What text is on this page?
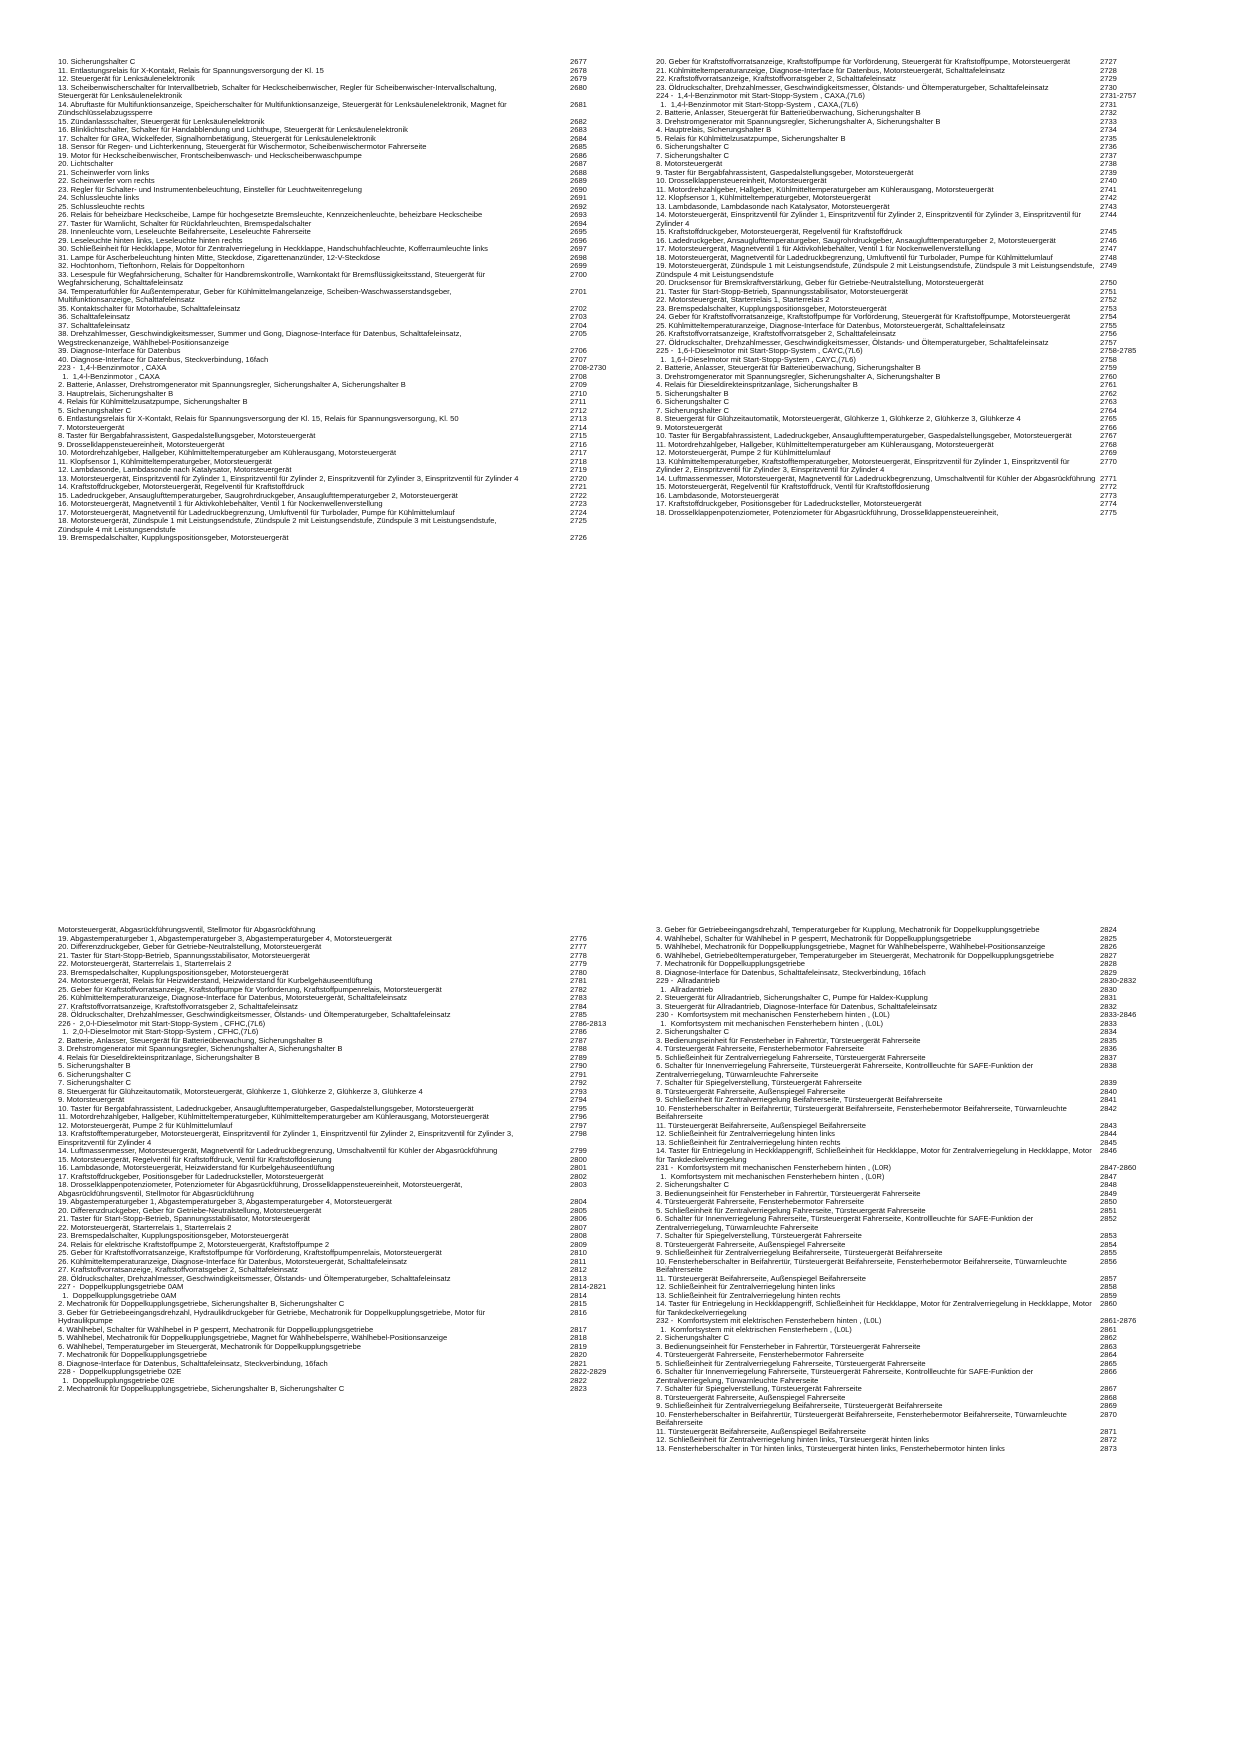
10. Sicherungshalter C	2677
11. Entlastungsrelais für X-Kontakt, Relais für Spannungsversorgung der Kl. 15	2678
12. Steuergerät für Lenksäulenelektronik	2679
13. Scheibenwischerschalter für Intervallbetrieb, Schalter für Heckscheibenwischer, Regler für Scheibenwischer-Intervallschaltung, Steuergerät für Lenksäulenelektronik
2680
14. Abruftaste für Multifunktionsanzeige, Speicherschalter für Multifunktionsanzeige, Steuergerät für Lenksäulenelektronik, Magnet für Zündschlüsselabzugssperre
2681
15. Zündanlassschalter, Steuergerät für Lenksäulenelektronik	2682
16. Blinklichtschalter, Schalter für Handabblendung und Lichthupe, Steuergerät für Lenksäulenelektronik	2683
17. Schalter für GRA, Wickelfeder, Signalhornbetätigung, Steuergerät für Lenksäulenelektronik	2684
18. Sensor für Regen- und Lichterkennung, Steuergerät für Wischermotor, Scheibenwischermotor Fahrerseite	2685
19. Motor für Heckscheibenwischer, Frontscheibenwasch- und Heckscheibenwaschpumpe	2686
20. Lichtschalter	2687
21. Scheinwerfer vorn links	2688
22. Scheinwerfer vorn rechts	2689
23. Regler für Schalter- und Instrumentenbeleuchtung, Einsteller für Leuchtweitenregelung	2690
24. Schlussleuchte links	2691
25. Schlussleuchte rechts	2692
26. Relais für beheizbare Heckscheibe, Lampe für hochgesetzte Bremsleuchte, Kennzeichenleuchte, beheizbare Heckscheibe	2693
27. Taster für Warnlicht, Schalter für Rückfahrleuchten, Bremspedalschalter	2694
28. Innenleuchte vorn, Leseleuchte Beifahrerseite, Leseleuchte Fahrerseite	2695
29. Leseleuchte hinten links, Leseleuchte hinten rechts	2696
30. Schließeinheit für Heckklappe, Motor für Zentralverriegelung in Heckklappe, Handschuhfachleuchte, Kofferraumleuchte links	2697
31. Lampe für Ascherbeleuchtung hinten Mitte, Steckdose, Zigarettenanzünder, 12-V-Steckdose	2698
32. Hochtonhorn, Tieftonhorn, Relais für Doppeltonhorn	2699
33. Lesespule für Wegfahrsicherung, Schalter für Handbremskontrolle, Warnkontakt für Bremsflüssigkeitsstand, Steuergerät für Wegfahrsicherung, Schalttafeleinsatz
2700
34. Temperaturfühler für Außentemperatur, Geber für Kühlmittelmangelanzeige, Scheiben-Waschwasserstandsgeber, Multifunktionsanzeige, Schalttafeleinsatz
2701
35. Kontaktschalter für Motorhaube, Schalttafeleinsatz	2702
36. Schalttafeleinsatz	2703
37. Schalttafeleinsatz	2704
38. Drehzahlmesser, Geschwindigkeitsmesser, Summer und Gong, Diagnose-Interface für Datenbus, Schalttafeleinsatz, Wegstreckenanzeige, Wählhebel-Positionsanzeige
2705
39. Diagnose-Interface für Datenbus	2706
40. Diagnose-Interface für Datenbus, Steckverbindung, 16fach	2707
223 -  1,4-l-Benzinmotor , CAXA	2708-2730
1.  1,4-l-Benzinmotor , CAXA	2708
2. Batterie, Anlasser, Drehstromgenerator mit Spannungsregler, Sicherungshalter A, Sicherungshalter B	2709
3. Hauptrelais, Sicherungshalter B	2710
4. Relais für Kühlmittelzusatzpumpe, Sicherungshalter B	2711
5. Sicherungshalter C	2712
6. Entlastungsrelais für X-Kontakt, Relais für Spannungsversorgung der Kl. 15, Relais für Spannungsversorgung, Kl. 50	2713
7. Motorsteuergerät	2714
8. Taster für Bergabfahrassistent, Gaspedalstellungsgeber, Motorsteuergerät	2715
9. Drosselklappensteuereinheit, Motorsteuergerät	2716
10. Motordrehzahlgeber, Hallgeber, Kühlmitteltemperaturgeber am Kühlerausgang, Motorsteuergerät	2717
11. Klopfsensor 1, Kühlmitteltemperaturgeber, Motorsteuergerät	2718
12. Lambdasonde, Lambdasonde nach Katalysator, Motorsteuergerät	2719
13. Motorsteuergerät, Einspritzventil für Zylinder 1, Einspritzventil für Zylinder 2, Einspritzventil für Zylinder 3, Einspritzventil für Zylinder 4	2720
14. Kraftstoffdruckgeber, Motorsteuergerät, Regelventil für Kraftstoffdruck	2721
15. Ladedruckgeber, Ansauglufttemperaturgeber, Saugrohrdruckgeber, Ansauglufttemperaturgeber 2, Motorsteuergerät	2722
16. Motorsteuergerät, Magnetventil 1 für Aktivkohlebehälter, Ventil 1 für Nockenwellenverstellung	2723
17. Motorsteuergerät, Magnetventil für Ladedruckbegrenzung, Umluftventil für Turbolader, Pumpe für Kühlmittelumlauf	2724
18. Motorsteuergerät, Zündspule 1 mit Leistungsendstufe, Zündspule 2 mit Leistungsendstufe, Zündspule 3 mit Leistungsendstufe, Zündspule 4 mit Leistungsendstufe
2725
19. Bremspedalschalter, Kupplungspositionsgeber, Motorsteuergerät	2726
20. Geber für Kraftstoffvorratsanzeige, Kraftstoffpumpe für Vorförderung, Steuergerät für Kraftstoffpumpe, Motorsteuergerät	2727
21. Kühlmitteltemperaturanzeige, Diagnose-Interface für Datenbus, Motorsteuergerät, Schalttafeleinsatz	2728
22. Kraftstoffvorratsanzeige, Kraftstoffvorratsgeber 2, Schalttafeleinsatz	2729
23. Öldruckschalter, Drehzahlmesser, Geschwindigkeitsmesser, Ölstands- und Öltemperaturgeber, Schalttafeleinsatz	2730
224 -  1,4-l-Benzinmotor mit Start-Stopp-System , CAXA,(7L6)	2731-2757
1.  1,4-l-Benzinmotor mit Start-Stopp-System , CAXA,(7L6)	2731
2. Batterie, Anlasser, Steuergerät für Batterieüberwachung, Sicherungshalter B	2732
3. Drehstromgenerator mit Spannungsregler, Sicherungshalter A, Sicherungshalter B	2733
4. Hauptrelais, Sicherungshalter B	2734
5. Relais für Kühlmittelzusatzpumpe, Sicherungshalter B	2735
6. Sicherungshalter C	2736
7. Sicherungshalter C	2737
8. Motorsteuergerät	2738
9. Taster für Bergabfahrassistent, Gaspedalstellungsgeber, Motorsteuergerät	2739
10. Drosselklappensteuereinheit, Motorsteuergerät	2740
11. Motordrehzahlgeber, Hallgeber, Kühlmitteltemperaturgeber am Kühlerausgang, Motorsteuergerät	2741
12. Klopfsensor 1, Kühlmitteltemperaturgeber, Motorsteuergerät	2742
13. Lambdasonde, Lambdasonde nach Katalysator, Motorsteuergerät	2743
14. Motorsteuergerät, Einspritzventil für Zylinder 1, Einspritzventil für Zylinder 2, Einspritzventil für Zylinder 3, Einspritzventil für Zylinder 4
2744
15. Kraftstoffdruckgeber, Motorsteuergerät, Regelventil für Kraftstoffdruck	2745
16. Ladedruckgeber, Ansauglufttemperaturgeber, Saugrohrdruckgeber, Ansauglufttemperaturgeber 2, Motorsteuergerät	2746
17. Motorsteuergerät, Magnetventil 1 für Aktivkohlebehälter, Ventil 1 für Nockenwellenverstellung	2747
18. Motorsteuergerät, Magnetventil für Ladedruckbegrenzung, Umluftventil für Turbolader, Pumpe für Kühlmittelumlauf	2748
19. Motorsteuergerät, Zündspule 1 mit Leistungsendstufe, Zündspule 2 mit Leistungsendstufe, Zündspule 3 mit Leistungsendstufe, Zündspule 4 mit Leistungsendstufe
2749
20. Drucksensor für Bremskraftverstärkung, Geber für Getriebe-Neutralstellung, Motorsteuergerät	2750
21. Taster für Start-Stopp-Betrieb, Spannungsstabilisator, Motorsteuergerät	2751
22. Motorsteuergerät, Starterrelais 1, Starterrelais 2	2752
23. Bremspedalschalter, Kupplungspositionsgeber, Motorsteuergerät	2753
24. Geber für Kraftstoffvorratsanzeige, Kraftstoffpumpe für Vorförderung, Steuergerät für Kraftstoffpumpe, Motorsteuergerät	2754
25. Kühlmitteltemperaturanzeige, Diagnose-Interface für Datenbus, Motorsteuergerät, Schalttafeleinsatz	2755
26. Kraftstoffvorratsanzeige, Kraftstoffvorratsgeber 2, Schalttafeleinsatz	2756
27. Öldruckschalter, Drehzahlmesser, Geschwindigkeitsmesser, Ölstands- und Öltemperaturgeber, Schalttafeleinsatz	2757
225 -  1,6-l-Dieselmotor mit Start-Stopp-System , CAYC,(7L6)	2758-2785
1.  1,6-l-Dieselmotor mit Start-Stopp-System , CAYC,(7L6)	2758
2. Batterie, Anlasser, Steuergerät für Batterieüberwachung, Sicherungshalter B	2759
3. Drehstromgenerator mit Spannungsregler, Sicherungshalter A, Sicherungshalter B	2760
4. Relais für Dieseldirekteinspritzanlage, Sicherungshalter B	2761
5. Sicherungshalter B	2762
6. Sicherungshalter C	2763
7. Sicherungshalter C	2764
8. Steuergerät für Glühzeitautomatik, Motorsteuergerät, Glühkerze 1, Glühkerze 2, Glühkerze 3, Glühkerze 4	2765
9. Motorsteuergerät	2766
10. Taster für Bergabfahrassistent, Ladedruckgeber, Ansauglufttemperaturgeber, Gaspedalstellungsgeber, Motorsteuergerät	2767
11. Motordrehzahlgeber, Hallgeber, Kühlmitteltemperaturgeber am Kühlerausgang, Motorsteuergerät	2768
12. Motorsteuergerät, Pumpe 2 für Kühlmittelumlauf	2769
13. Kühlmitteltemperaturgeber, Kraftstofftemperaturgeber, Motorsteuergerät, Einspritzventil für Zylinder 1, Einspritzventil für Zylinder 2, Einspritzventil für Zylinder 3, Einspritzventil für Zylinder 4
2770
14. Luftmassenmesser, Motorsteuergerät, Magnetventil für Ladedruckbegrenzung, Umschaltventil für Kühler der Abgasrückführung 2771
15. Motorsteuergerät, Regelventil für Kraftstoffdruck, Ventil für Kraftstoffdosierung	2772
16. Lambdasonde, Motorsteuergerät	2773
17. Kraftstoffdruckgeber, Positionsgeber für Ladedrucksteller, Motorsteuergerät	2774
18. Drosselklappenpotenziometer, Potenziometer für Abgasrückführung, Drosselklappensteuereinheit,	2775
Motorsteuergerät, Abgasrückführungsventil, Stellmotor für Abgasrückführung
19. Abgastemperaturgeber 1, Abgastemperaturgeber 3, Abgastemperaturgeber 4, Motorsteuergerät	2776
20. Differenzdruckgeber, Geber für Getriebe-Neutralstellung, Motorsteuergerät	2777
21. Taster für Start-Stopp-Betrieb, Spannungsstabilisator, Motorsteuergerät	2778
22. Motorsteuergerät, Starterrelais 1, Starterrelais 2	2779
23. Bremspedalschalter, Kupplungspositionsgeber, Motorsteuergerät	2780
24. Motorsteuergerät, Relais für Heizwiderstand, Heizwiderstand für Kurbelgehäuseentlüftung	2781
25. Geber für Kraftstoffvorratsanzeige, Kraftstoffpumpe für Vorförderung, Kraftstoffpumpenrelais, Motorsteuergerät	2782
26. Kühlmitteltemperaturanzeige, Diagnose-Interface für Datenbus, Motorsteuergerät, Schalttafeleinsatz	2783
27. Kraftstoffvorratsanzeige, Kraftstoffvorratsgeber 2, Schalttafeleinsatz	2784
28. Öldruckschalter, Drehzahlmesser, Geschwindigkeitsmesser, Ölstands- und Öltemperaturgeber, Schalttafeleinsatz	2785
226 -  2,0-l-Dieselmotor mit Start-Stopp-System , CFHC,(7L6)	2786-2813
1.  2,0-l-Dieselmotor mit Start-Stopp-System , CFHC,(7L6)	2786
2. Batterie, Anlasser, Steuergerät für Batterieüberwachung, Sicherungshalter B	2787
3. Drehstromgenerator mit Spannungsregler, Sicherungshalter A, Sicherungshalter B	2788
4. Relais für Dieseldirekteinspritzanlage, Sicherungshalter B	2789
5. Sicherungshalter B	2790
6. Sicherungshalter C	2791
7. Sicherungshalter C	2792
8. Steuergerät für Glühzeitautomatik, Motorsteuergerät, Glühkerze 1, Glühkerze 2, Glühkerze 3, Glühkerze 4	2793
9. Motorsteuergerät	2794
10. Taster für Bergabfahrassistent, Ladedruckgeber, Ansauglufttemperaturgeber, Gaspedalstellungsgeber, Motorsteuergerät	2795
11. Motordrehzahlgeber, Hallgeber, Kühlmitteltemperaturgeber, Kühlmitteltemperaturgeber am Kühlerausgang, Motorsteuergerät	2796
12. Motorsteuergerät, Pumpe 2 für Kühlmittelumlauf	2797
13. Kraftstofftemperaturgeber, Motorsteuergerät, Einspritzventil für Zylinder 1, Einspritzventil für Zylinder 2, Einspritzventil für Zylinder 3, Einspritzventil für Zylinder 4
2798
14. Luftmassenmesser, Motorsteuergerät, Magnetventil für Ladedruckbegrenzung, Umschaltventil für Kühler der Abgasrückführung	2799
15. Motorsteuergerät, Regelventil für Kraftstoffdruck, Ventil für Kraftstoffdosierung	2800
16. Lambdasonde, Motorsteuergerät, Heizwiderstand für Kurbelgehäuseentlüftung	2801
17. Kraftstoffdruckgeber, Positionsgeber für Ladedrucksteller, Motorsteuergerät	2802
18. Drosselklappenpotenziometer, Potenziometer für Abgasrückführung, Drosselklappensteuereinheit, Motorsteuergerät, Abgasrückführungsventil, Stellmotor für Abgasrückführung
2803
19. Abgastemperaturgeber 1, Abgastemperaturgeber 3, Abgastemperaturgeber 4, Motorsteuergerät	2804
20. Differenzdruckgeber, Geber für Getriebe-Neutralstellung, Motorsteuergerät	2805
21. Taster für Start-Stopp-Betrieb, Spannungsstabilisator, Motorsteuergerät	2806
22. Motorsteuergerät, Starterrelais 1, Starterrelais 2	2807
23. Bremspedalschalter, Kupplungspositionsgeber, Motorsteuergerät	2808
24. Relais für elektrische Kraftstoffpumpe 2, Motorsteuergerät, Kraftstoffpumpe 2	2809
25. Geber für Kraftstoffvorratsanzeige, Kraftstoffpumpe für Vorförderung, Kraftstoffpumpenrelais, Motorsteuergerät	2810
26. Kühlmitteltemperaturanzeige, Diagnose-Interface für Datenbus, Motorsteuergerät, Schalttafeleinsatz	2811
27. Kraftstoffvorratsanzeige, Kraftstoffvorratsgeber 2, Schalttafeleinsatz	2812
28. Öldruckschalter, Drehzahlmesser, Geschwindigkeitsmesser, Ölstands- und Öltemperaturgeber, Schalttafeleinsatz	2813
227 -  Doppelkupplungsgetriebe 0AM	2814-2821
1.  Doppelkupplungsgetriebe 0AM	2814
2. Mechatronik für Doppelkupplungsgetriebe, Sicherungshalter B, Sicherungshalter C	2815
3. Geber für Getriebeeingangsdrehzahl, Hydraulikdruckgeber für Getriebe, Mechatronik für Doppelkupplungsgetriebe, Motor für Hydraulikpumpe
2816
4. Wählhebel, Schalter für Wählhebel in P gesperrt, Mechatronik für Doppelkupplungsgetriebe	2817
5. Wählhebel, Mechatronik für Doppelkupplungsgetriebe, Magnet für Wählhebelsperre, Wählhebel-Positionsanzeige	2818
6. Wählhebel, Temperaturgeber im Steuergerät, Mechatronik für Doppelkupplungsgetriebe	2819
7. Mechatronik für Doppelkupplungsgetriebe	2820
8. Diagnose-Interface für Datenbus, Schalttafeleinsatz, Steckverbindung, 16fach	2821
228 -  Doppelkupplungsgetriebe 02E	2822-2829
1.  Doppelkupplungsgetriebe 02E	2822
2. Mechatronik für Doppelkupplungsgetriebe, Sicherungshalter B, Sicherungshalter C	2823
3. Geber für Getriebeeingangsdrehzahl, Temperaturgeber für Kupplung, Mechatronik für Doppelkupplungsgetriebe	2824
4. Wählhebel, Schalter für Wählhebel in P gesperrt, Mechatronik für Doppelkupplungsgetriebe	2825
5. Wählhebel, Mechatronik für Doppelkupplungsgetriebe, Magnet für Wählhebelsperre, Wählhebel-Positionsanzeige	2826
6. Wählhebel, Getriebeöltemperaturgeber, Temperaturgeber im Steuergerät, Mechatronik für Doppelkupplungsgetriebe	2827
7. Mechatronik für Doppelkupplungsgetriebe	2828
8. Diagnose-Interface für Datenbus, Schalttafeleinsatz, Steckverbindung, 16fach	2829
229 -  Allradantrieb	2830-2832
1.  Allradantrieb	2830
2. Steuergerät für Allradantrieb, Sicherungshalter C, Pumpe für Haldex-Kupplung	2831
3. Steuergerät für Allradantrieb, Diagnose-Interface für Datenbus, Schalttafeleinsatz	2832
230 -  Komfortsystem mit mechanischen Fensterhebern hinten , (L0L)	2833-2846
1.  Komfortsystem mit mechanischen Fensterhebern hinten , (L0L)	2833
2. Sicherungshalter C	2834
3. Bedienungseinheit für Fensterheber in Fahrertür, Türsteuergerät Fahrerseite	2835
4. Türsteuergerät Fahrerseite, Fensterhebermotor Fahrerseite	2836
5. Schließeinheit für Zentralverriegelung Fahrerseite, Türsteuergerät Fahrerseite	2837
6. Schalter für Innenverriegelung Fahrerseite, Türsteuergerät Fahrerseite, Kontrollleuchte für SAFE-Funktion der Zentralverriegelung, Türwarnleuchte Fahrerseite
2838
7. Schalter für Spiegelverstellung, Türsteuergerät Fahrerseite	2839
8. Türsteuergerät Fahrerseite, Außenspiegel Fahrerseite	2840
9. Schließeinheit für Zentralverriegelung Beifahrerseite, Türsteuergerät Beifahrerseite	2841
10. Fensterheberschalter in Beifahrertür, Türsteuergerät Beifahrerseite, Fensterhebermotor Beifahrerseite, Türwarnleuchte Beifahrerseite
2842
11. Türsteuergerät Beifahrerseite, Außenspiegel Beifahrerseite	2843
12. Schließeinheit für Zentralverriegelung hinten links	2844
13. Schließeinheit für Zentralverriegelung hinten rechts	2845
14. Taster für Entriegelung in Heckklappengriff, Schließeinheit für Heckklappe, Motor für Zentralverriegelung in Heckklappe, Motor für Tankdeckelverriegelung
2846
231 -  Komfortsystem mit mechanischen Fensterhebern hinten , (L0R)	2847-2860
1.  Komfortsystem mit mechanischen Fensterhebern hinten , (L0R)	2847
2. Sicherungshalter C	2848
3. Bedienungseinheit für Fensterheber in Fahrertür, Türsteuergerät Fahrerseite	2849
4. Türsteuergerät Fahrerseite, Fensterhebermotor Fahrerseite	2850
5. Schließeinheit für Zentralverriegelung Fahrerseite, Türsteuergerät Fahrerseite	2851
6. Schalter für Innenverriegelung Fahrerseite, Türsteuergerät Fahrerseite, Kontrollleuchte für SAFE-Funktion der Zentralverriegelung, Türwarnleuchte Fahrerseite
2852
7. Schalter für Spiegelverstellung, Türsteuergerät Fahrerseite	2853
8. Türsteuergerät Fahrerseite, Außenspiegel Fahrerseite	2854
9. Schließeinheit für Zentralverriegelung Beifahrerseite, Türsteuergerät Beifahrerseite	2855
10. Fensterheberschalter in Beifahrertür, Türsteuergerät Beifahrerseite, Fensterhebermotor Beifahrerseite, Türwarnleuchte Beifahrerseite
2856
11. Türsteuergerät Beifahrerseite, Außenspiegel Beifahrerseite	2857
12. Schließeinheit für Zentralverriegelung hinten links	2858
13. Schließeinheit für Zentralverriegelung hinten rechts	2859
14. Taster für Entriegelung in Heckklappengriff, Schließeinheit für Heckklappe, Motor für Zentralverriegelung in Heckklappe, Motor für Tankdeckelverriegelung
2860
232 -  Komfortsystem mit elektrischen Fensterhebern hinten , (L0L)	2861-2876
1.  Komfortsystem mit elektrischen Fensterhebern , (L0L)	2861
2. Sicherungshalter C	2862
3. Bedienungseinheit für Fensterheber in Fahrertür, Türsteuergerät Fahrerseite	2863
4. Türsteuergerät Fahrerseite, Fensterhebermotor Fahrerseite	2864
5. Schließeinheit für Zentralverriegelung Fahrerseite, Türsteuergerät Fahrerseite	2865
6. Schalter für Innenverriegelung Fahrerseite, Türsteuergerät Fahrerseite, Kontrollleuchte für SAFE-Funktion der Zentralverriegelung, Türwarnleuchte Fahrerseite
2866
7. Schalter für Spiegelverstellung, Türsteuergerät Fahrerseite	2867
8. Türsteuergerät Fahrerseite, Außenspiegel Fahrerseite	2868
9. Schließeinheit für Zentralverriegelung Beifahrerseite, Türsteuergerät Beifahrerseite	2869
10. Fensterheberschalter in Beifahrertür, Türsteuergerät Beifahrerseite, Fensterhebermotor Beifahrerseite, Türwarnleuchte Beifahrerseite
2870
11. Türsteuergerät Beifahrerseite, Außenspiegel Beifahrerseite	2871
12. Schließeinheit für Zentralverriegelung hinten links, Türsteuergerät hinten links	2872
13. Fensterheberschalter in Tür hinten links, Türsteuergerät hinten links, Fensterhebermotor hinten links	2873
